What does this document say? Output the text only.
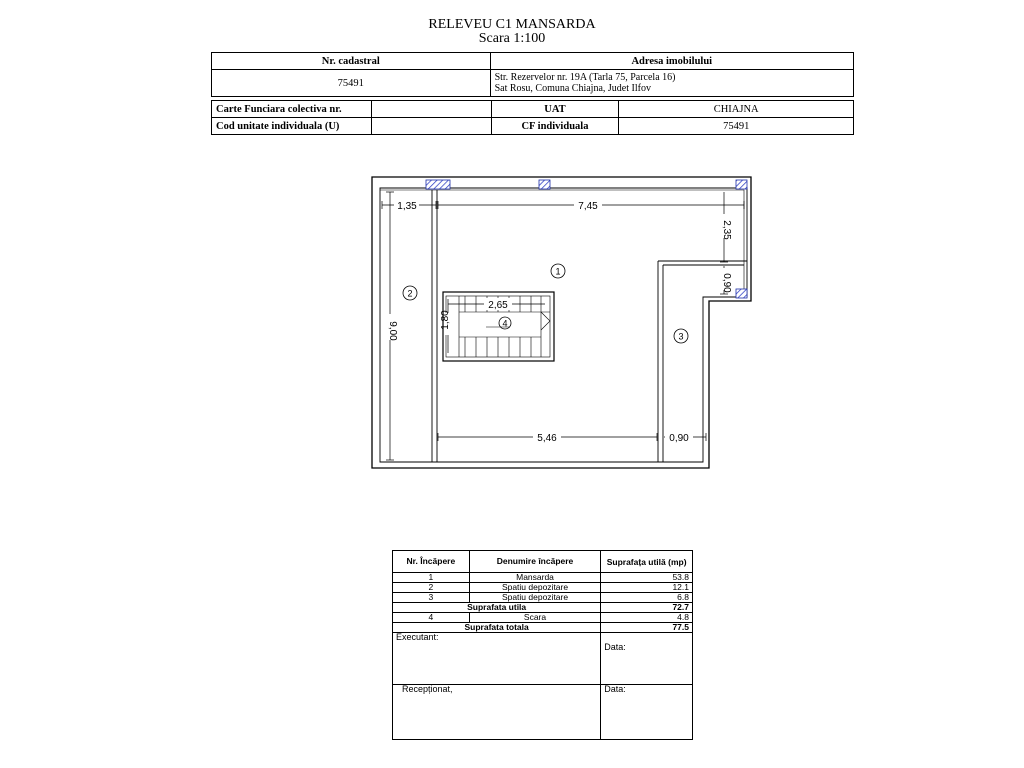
RELEVEU C1 MANSARDA
Scara 1:100
Nr. cadastral	Adresa imobilului
75491	Str. Rezervelor nr. 19A (Tarla 75, Parcela 16)
Sat Rosu, Comuna Chiajna, Judet Ilfov
Carte Funciara colectiva nr.		UAT	CHIAJNA
Cod unitate individuala (U)		CF individuala	75491
1,35	7,45
2,35
0,90
9,00
2,65
1,80
5,46	0,90
1
2
3
4
Nr. Încăpere	Denumire încăpere	Suprafața utilă (mp)
1	Mansarda	53.8
2	Spatiu depozitare	12.1
3	Spatiu depozitare	6.8
Suprafata utila		72.7
4	Scara	4.8
Suprafata totala		77.5
Executant:		Data:
Recepționat,		Data:
